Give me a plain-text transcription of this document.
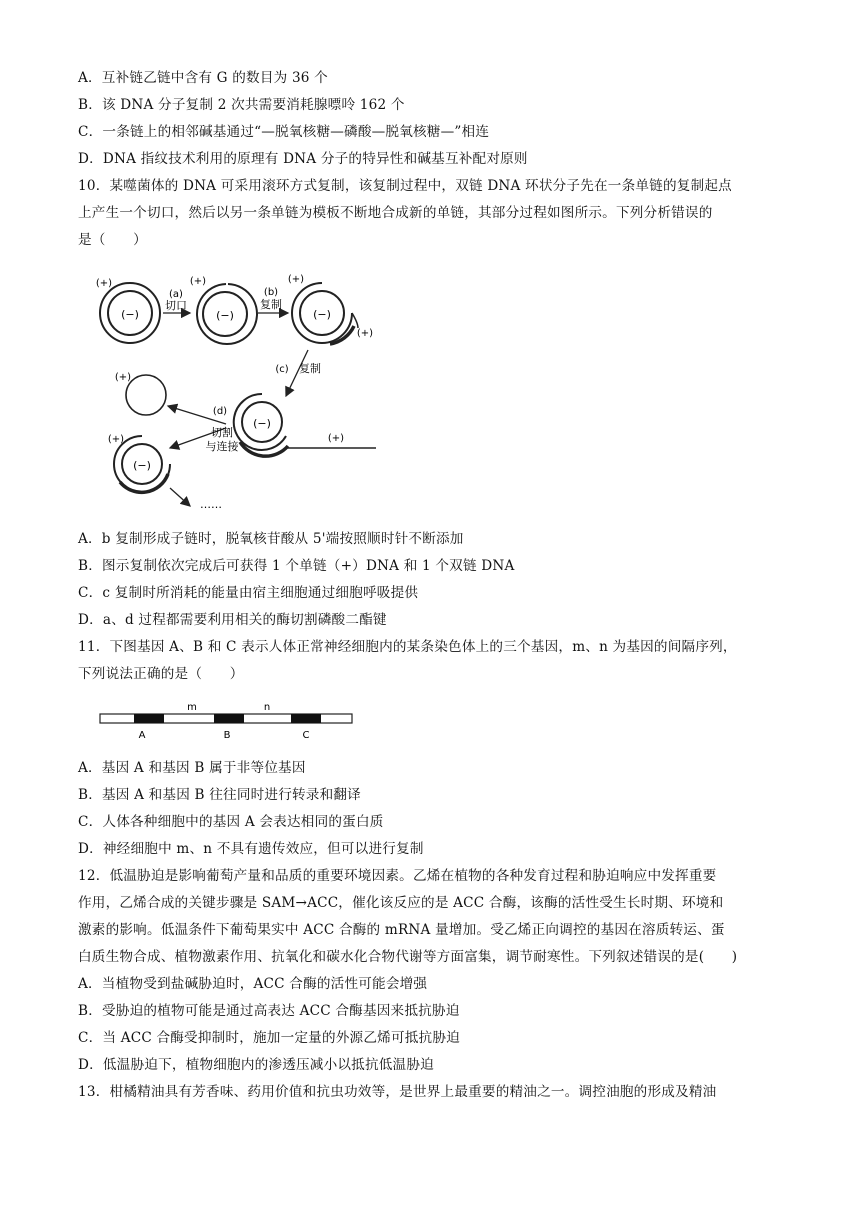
A．互补链乙链中含有 G 的数目为 36 个
B．该 DNA 分子复制 2 次共需要消耗腺嘌呤 162 个
C．一条链上的相邻碱基通过“—脱氧核糖—磷酸—脱氧核糖—”相连
D．DNA 指纹技术利用的原理有 DNA 分子的特异性和碱基互补配对原则
10．某噬菌体的 DNA 可采用滚环方式复制，该复制过程中，双链 DNA 环状分子先在一条单链的复制起点
上产生一个切口，然后以另一条单链为模板不断地合成新的单链，其部分过程如图所示。下列分析错误的
是（　　）
(−)
(+)
(a)
切口
(−)
(+)
(b)
复制
(−)
(+)
(+)
(c) 复制
(−)
(+)
(d)
切割
与连接
(+)
(−)
(+)
……
A．b 复制形成子链时，脱氧核苷酸从 5'端按照顺时针不断添加
B．图示复制依次完成后可获得 1 个单链（+）DNA 和 1 个双链 DNA
C．c 复制时所消耗的能量由宿主细胞通过细胞呼吸提供
D．a、d 过程都需要利用相关的酶切割磷酸二酯键
11．下图基因 A、B 和 C 表示人体正常神经细胞内的某条染色体上的三个基因，m、n 为基因的间隔序列，
下列说法正确的是（　　）
m	n
A	B	C
A．基因 A 和基因 B 属于非等位基因
B．基因 A 和基因 B 往往同时进行转录和翻译
C．人体各种细胞中的基因 A 会表达相同的蛋白质
D．神经细胞中 m、n 不具有遗传效应，但可以进行复制
12．低温胁迫是影响葡萄产量和品质的重要环境因素。乙烯在植物的各种发育过程和胁迫响应中发挥重要
作用，乙烯合成的关键步骤是 SAM→ACC，催化该反应的是 ACC 合酶，该酶的活性受生长时期、环境和
激素的影响。低温条件下葡萄果实中 ACC 合酶的 mRNA 量增加。受乙烯正向调控的基因在溶质转运、蛋
白质生物合成、植物激素作用、抗氧化和碳水化合物代谢等方面富集，调节耐寒性。下列叙述错误的是(　　)
A．当植物受到盐碱胁迫时，ACC 合酶的活性可能会增强
B．受胁迫的植物可能是通过高表达 ACC 合酶基因来抵抗胁迫
C．当 ACC 合酶受抑制时，施加一定量的外源乙烯可抵抗胁迫
D．低温胁迫下，植物细胞内的渗透压减小以抵抗低温胁迫
13．柑橘精油具有芳香味、药用价值和抗虫功效等，是世界上最重要的精油之一。调控油胞的形成及精油
